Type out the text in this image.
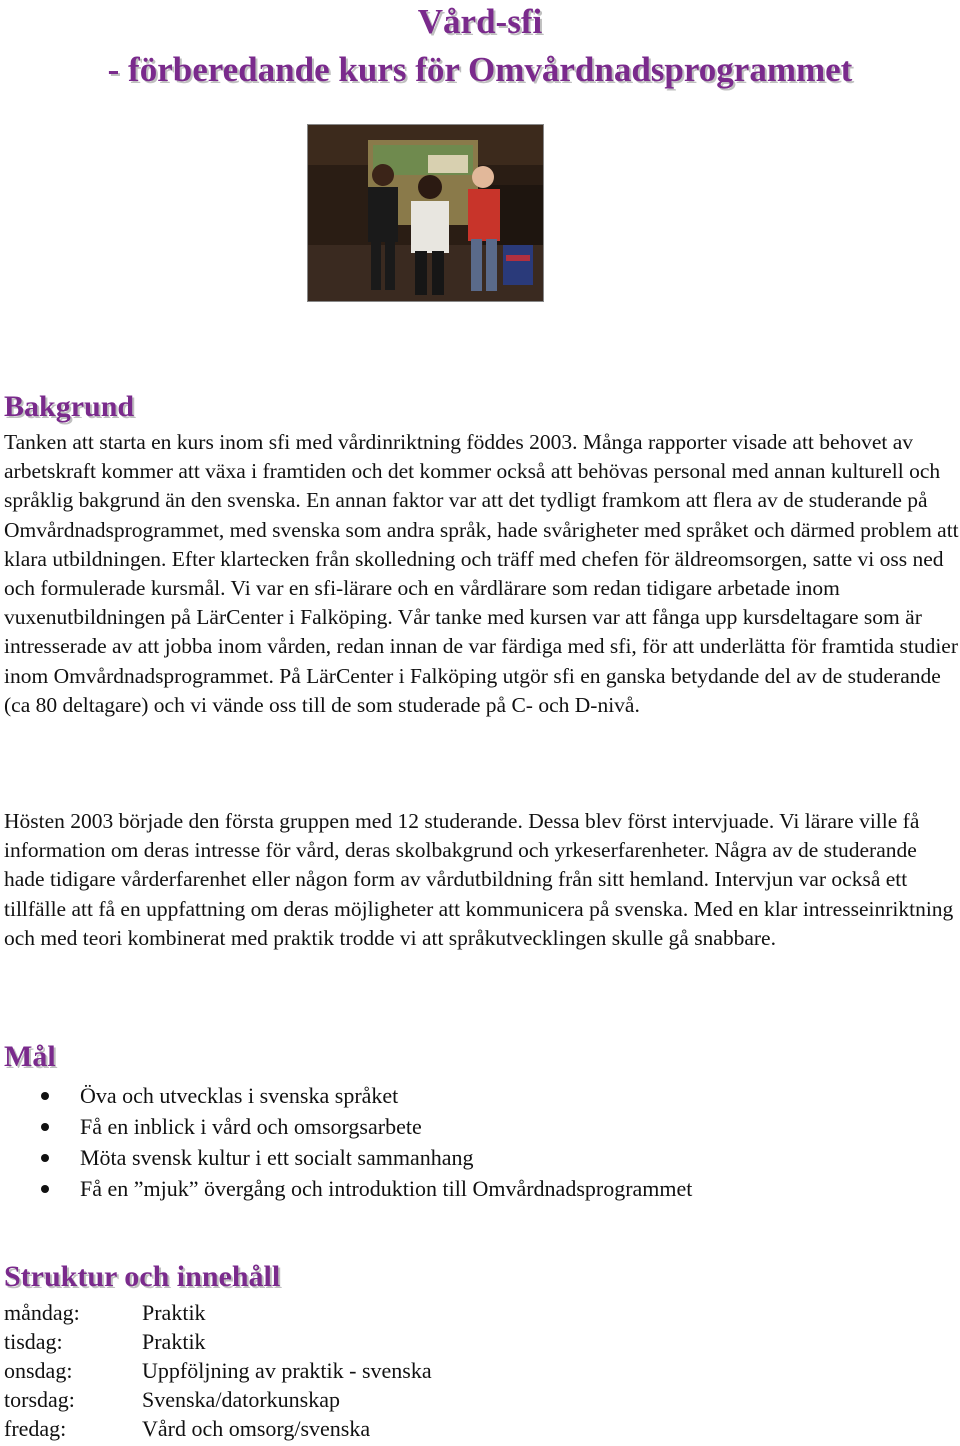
Vård-sfi
- förberedande kurs för Omvårdnadsprogrammet
Bakgrund

Tanken att starta en kurs inom sfi med vårdinriktning föddes 2003. Många rapporter visade att behovet av arbetskraft kommer att växa i framtiden och det kommer också att behövas personal med annan kulturell och språklig bakgrund än den svenska. En annan faktor var att det tydligt framkom att flera av de studerande på Omvårdnadsprogrammet, med svenska som andra språk, hade svårigheter med språket och därmed problem att klara utbildningen. Efter klartecken från skolledning och träff med chefen för äldreomsorgen, satte vi oss ned och formulerade kursmål. Vi var en sfi-lärare och en vårdlärare som redan tidigare arbetade inom vuxenutbildningen på LärCenter i Falköping. Vår tanke med kursen var att fånga upp kursdeltagare som är intresserade av att jobba inom vården, redan innan de var färdiga med sfi, för att underlätta för framtida studier inom Omvårdnadsprogrammet. På LärCenter i Falköping utgör sfi en ganska betydande del av de studerande (ca 80 deltagare) och vi vände oss till de som studerade på C- och D-nivå.

Hösten 2003 började den första gruppen med 12 studerande. Dessa blev först intervjuade. Vi lärare ville få information om deras intresse för vård, deras skolbakgrund och yrkeserfarenheter. Några av de studerande hade tidigare vårderfarenhet eller någon form av vårdutbildning från sitt hemland. Intervjun var också ett tillfälle att få en uppfattning om deras möjligheter att kommunicera på svenska. Med en klar intresseinriktning och med teori kombinerat med praktik trodde vi att språkutvecklingen skulle gå snabbare.

Mål
Öva och utvecklas i svenska språket
Få en inblick i vård och omsorgsarbete
Möta svensk kultur i ett socialt sammanhang
Få en ”mjuk” övergång och introduktion till Omvårdnadsprogrammet
Struktur och innehåll
måndag:	Praktik
tisdag:	Praktik
onsdag:	Uppföljning av praktik - svenska
torsdag:	Svenska/datorkunskap
fredag:	Vård och omsorg/svenska
